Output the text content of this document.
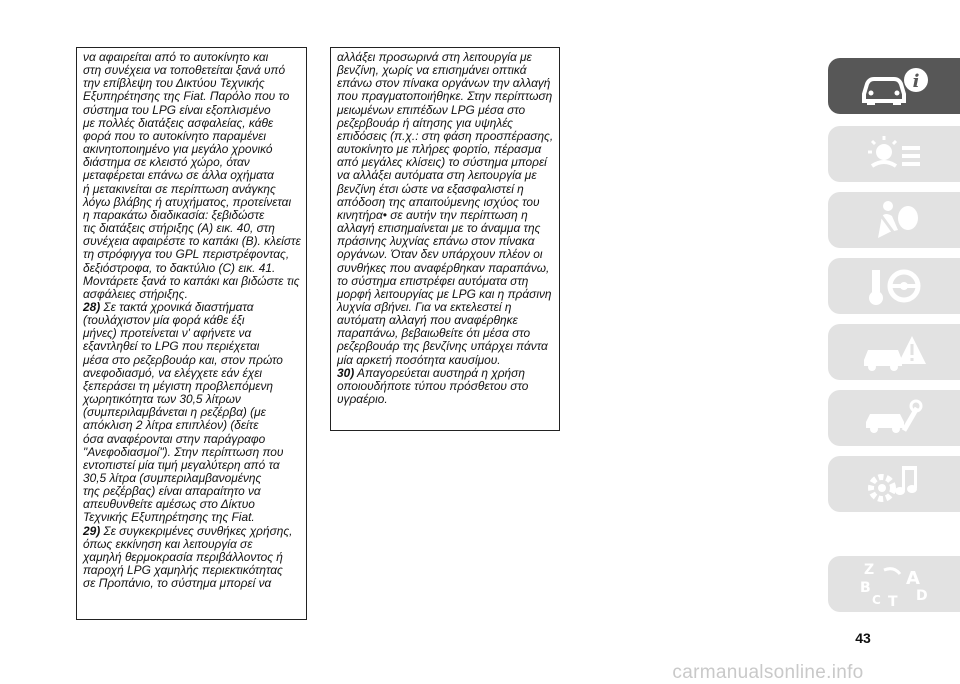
να αφαιρείται από το αυτοκίνητο και
στη συνέχεια να τοποθετείται ξανά υπό
την επίβλεψη του Δικτύου Τεχνικής
Εξυπηρέτησης της Fiat. Παρόλο που το
σύστημα του LPG είναι εξοπλισμένο
με πολλές διατάξεις ασφαλείας, κάθε
φορά που το αυτοκίνητο παραμένει
ακινητοποιημένο για μεγάλο χρονικό
διάστημα σε κλειστό χώρο, όταν
μεταφέρεται επάνω σε άλλα οχήματα
ή μετακινείται σε περίπτωση ανάγκης
λόγω βλάβης ή ατυχήματος, προτείνεται
η παρακάτω διαδικασία: ξεβιδώστε
τις διατάξεις στήριξης (A) εικ. 40, στη
συνέχεια αφαιρέστε το καπάκι (B). κλείστε
τη στρόφιγγα του GPL περιστρέφοντας,
δεξιόστροφα, το δακτύλιο (C) εικ. 41.
Μοντάρετε ξανά το καπάκι και βιδώστε τις
ασφάλειες στήριξης.
28) Σε τακτά χρονικά διαστήματα
(τουλάχιστον μία φορά κάθε έξι
μήνες) προτείνεται ν' αφήνετε να
εξαντληθεί το LPG που περιέχεται
μέσα στο ρεζερβουάρ και, στον πρώτο
ανεφοδιασμό, να ελέγχετε εάν έχει
ξεπεράσει τη μέγιστη προβλεπόμενη
χωρητικότητα των 30,5 λίτρων
(συμπεριλαμβάνεται η ρεζέρβα) (με
απόκλιση 2 λίτρα επιπλέον) (δείτε
όσα αναφέρονται στην παράγραφο
"Ανεφοδιασμοί"). Στην περίπτωση που
εντοπιστεί μία τιμή μεγαλύτερη από τα
30,5 λίτρα (συμπεριλαμβανομένης
της ρεζέρβας) είναι απαραίτητο να
απευθυνθείτε αμέσως στο Δίκτυο
Τεχνικής Εξυπηρέτησης της Fiat.
29) Σε συγκεκριμένες συνθήκες χρήσης,
όπως εκκίνηση και λειτουργία σε
χαμηλή θερμοκρασία περιβάλλοντος ή
παροχή LPG χαμηλής περιεκτικότητας
σε Προπάνιο, το σύστημα μπορεί να
αλλάξει προσωρινά στη λειτουργία με
βενζίνη, χωρίς να επισημάνει οπτικά
επάνω στον πίνακα οργάνων την αλλαγή
που πραγματοποιήθηκε. Στην περίπτωση
μειωμένων επιπέδων LPG μέσα στο
ρεζερβουάρ ή αίτησης για υψηλές
επιδόσεις (π.χ.: στη φάση προσπέρασης,
αυτοκίνητο με πλήρες φορτίο, πέρασμα
από μεγάλες κλίσεις) το σύστημα μπορεί
να αλλάξει αυτόματα στη λειτουργία με
βενζίνη έτσι ώστε να εξασφαλιστεί η
απόδοση της απαιτούμενης ισχύος του
κινητήρα• σε αυτήν την περίπτωση η
αλλαγή επισημαίνεται με το άναμμα της
πράσινης λυχνίας επάνω στον πίνακα
οργάνων. Όταν δεν υπάρχουν πλέον οι
συνθήκες που αναφέρθηκαν παραπάνω,
το σύστημα επιστρέφει αυτόματα στη
μορφή λειτουργίας με LPG και η πράσινη
λυχνία σβήνει. Για να εκτελεστεί η
αυτόματη αλλαγή που αναφέρθηκε
παραπάνω, βεβαιωθείτε ότι μέσα στο
ρεζερβουάρ της βενζίνης υπάρχει πάντα
μία αρκετή ποσότητα καυσίμου.
30) Απαγορεύεται αυστηρά η χρήση
οποιουδήποτε τύπου πρόσθετου στο
υγραέριο.
i
Z
B A
C T D
43
carmanualsonline.info
